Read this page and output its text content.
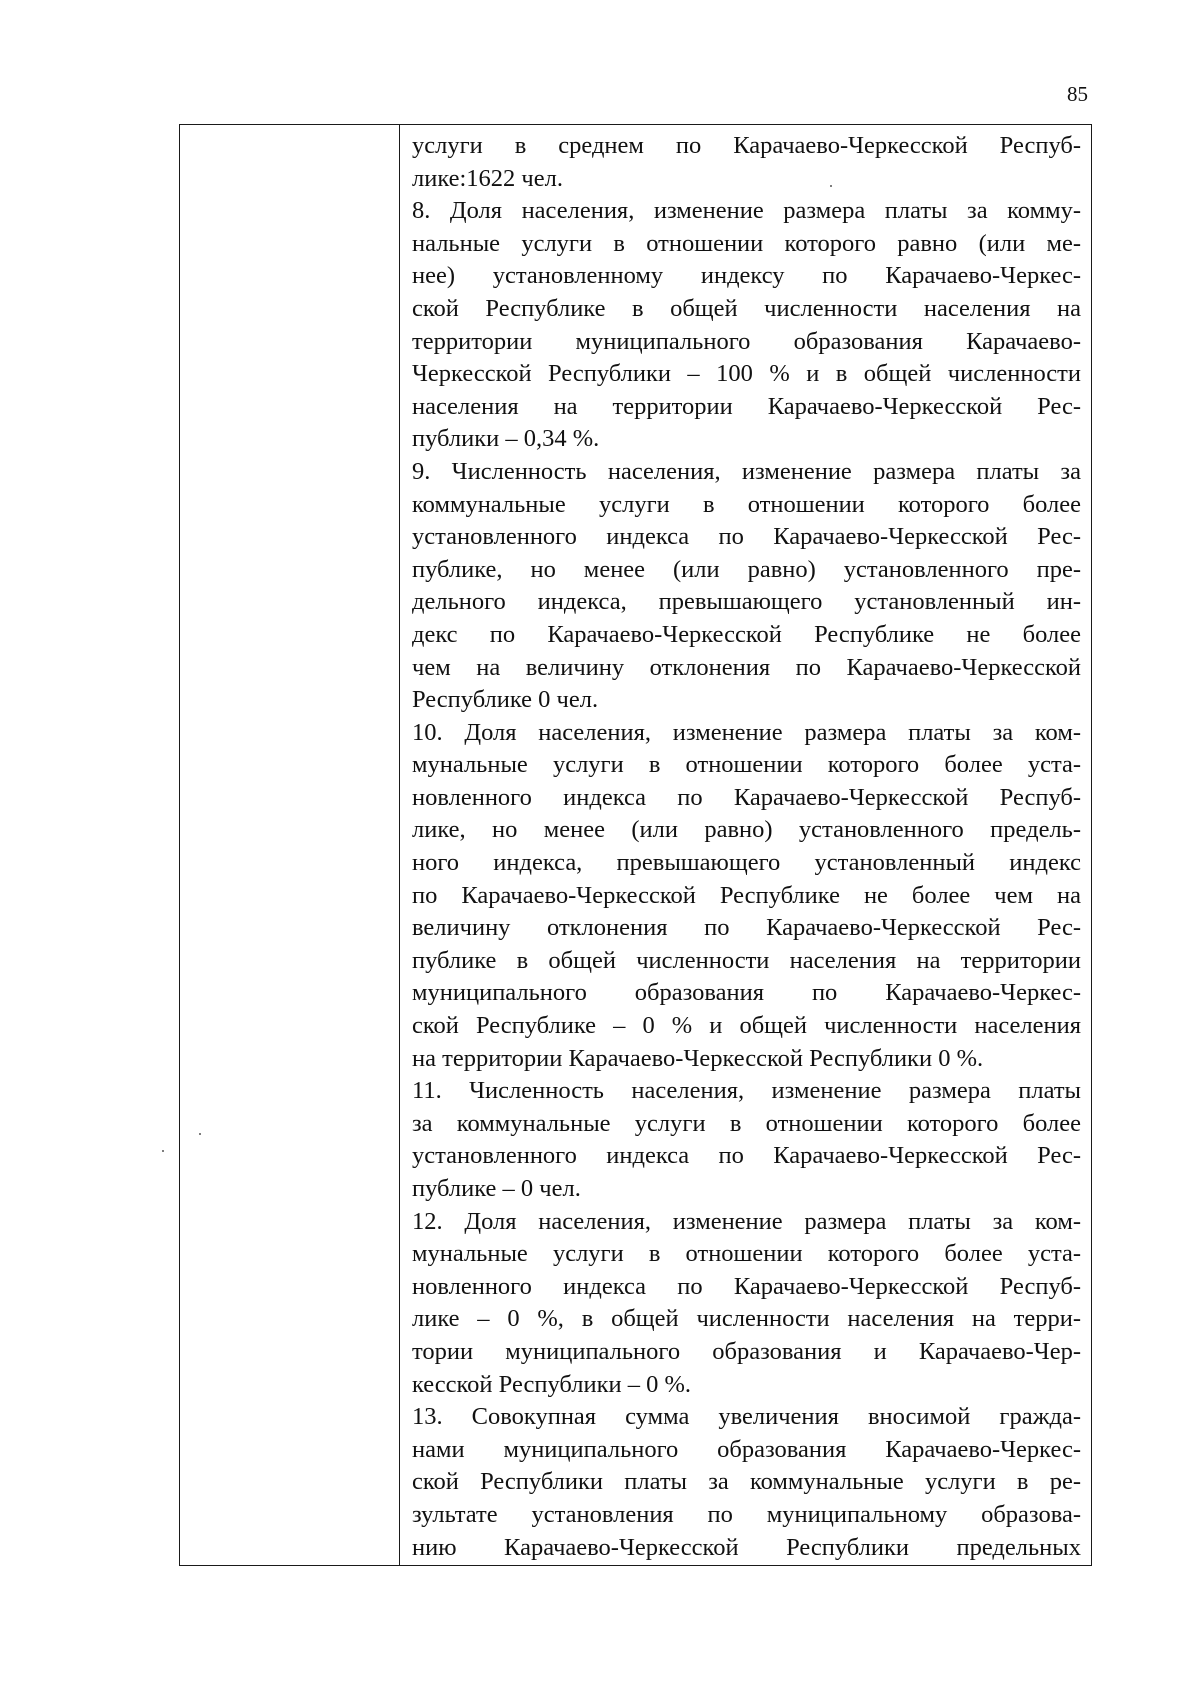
85
услуги в среднем по Карачаево-Черкесской Респуб-
лике:1622 чел.
8. Доля населения, изменение размера платы за комму-
нальные услуги в отношении которого равно (или ме-
нее) установленному индексу по Карачаево-Черкес-
ской Республике в общей численности населения на
территории муниципального образования Карачаево-
Черкесской Республики – 100 % и в общей численности
населения на территории Карачаево-Черкесской Рес-
публики – 0,34 %.
9. Численность населения, изменение размера платы за
коммунальные услуги в отношении которого более
установленного индекса по Карачаево-Черкесской Рес-
публике, но менее (или равно) установленного пре-
дельного индекса, превышающего установленный ин-
декс по Карачаево-Черкесской Республике не более
чем на величину отклонения по Карачаево-Черкесской
Республике 0 чел.
10. Доля населения, изменение размера платы за ком-
мунальные услуги в отношении которого более уста-
новленного индекса по Карачаево-Черкесской Респуб-
лике, но менее (или равно) установленного предель-
ного индекса, превышающего установленный индекс
по Карачаево-Черкесской Республике не более чем на
величину отклонения по Карачаево-Черкесской Рес-
публике в общей численности населения на территории
муниципального образования по Карачаево-Черкес-
ской Республике – 0 % и общей численности населения
на территории Карачаево-Черкесской Республики 0 %.
11. Численность населения, изменение размера платы
за коммунальные услуги в отношении которого более
установленного индекса по Карачаево-Черкесской Рес-
публике – 0 чел.
12. Доля населения, изменение размера платы за ком-
мунальные услуги в отношении которого более уста-
новленного индекса по Карачаево-Черкесской Респуб-
лике – 0 %, в общей численности населения на терри-
тории муниципального образования и Карачаево-Чер-
кесской Республики – 0 %.
13. Совокупная сумма увеличения вносимой гражда-
нами муниципального образования Карачаево-Черкес-
ской Республики платы за коммунальные услуги в ре-
зультате установления по муниципальному образова-
нию Карачаево-Черкесской Республики предельных
